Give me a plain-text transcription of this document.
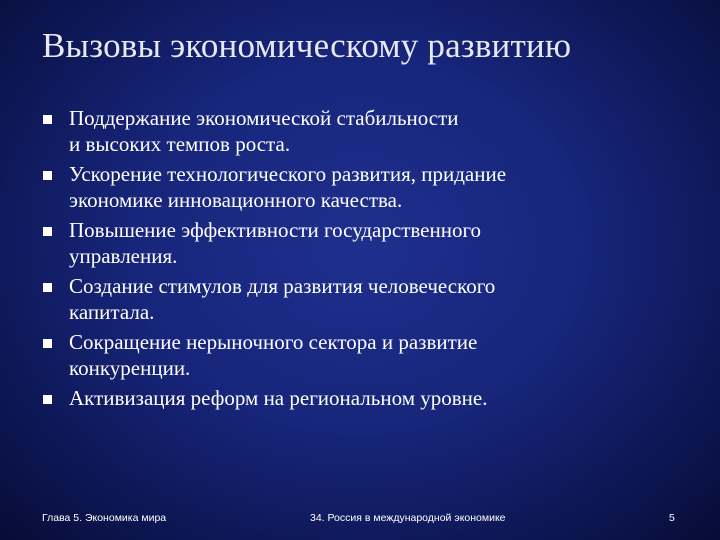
Вызовы экономическому развитию
Поддержание экономической стабильности
и высоких темпов роста.
Ускорение технологического развития, придание
экономике инновационного качества.
Повышение эффективности государственного
управления.
Создание стимулов для развития человеческого
капитала.
Сокращение нерыночного сектора и развитие
конкуренции.
Активизация реформ на региональном уровне.
Глава 5. Экономика мира	34. Россия в международной экономике	5
